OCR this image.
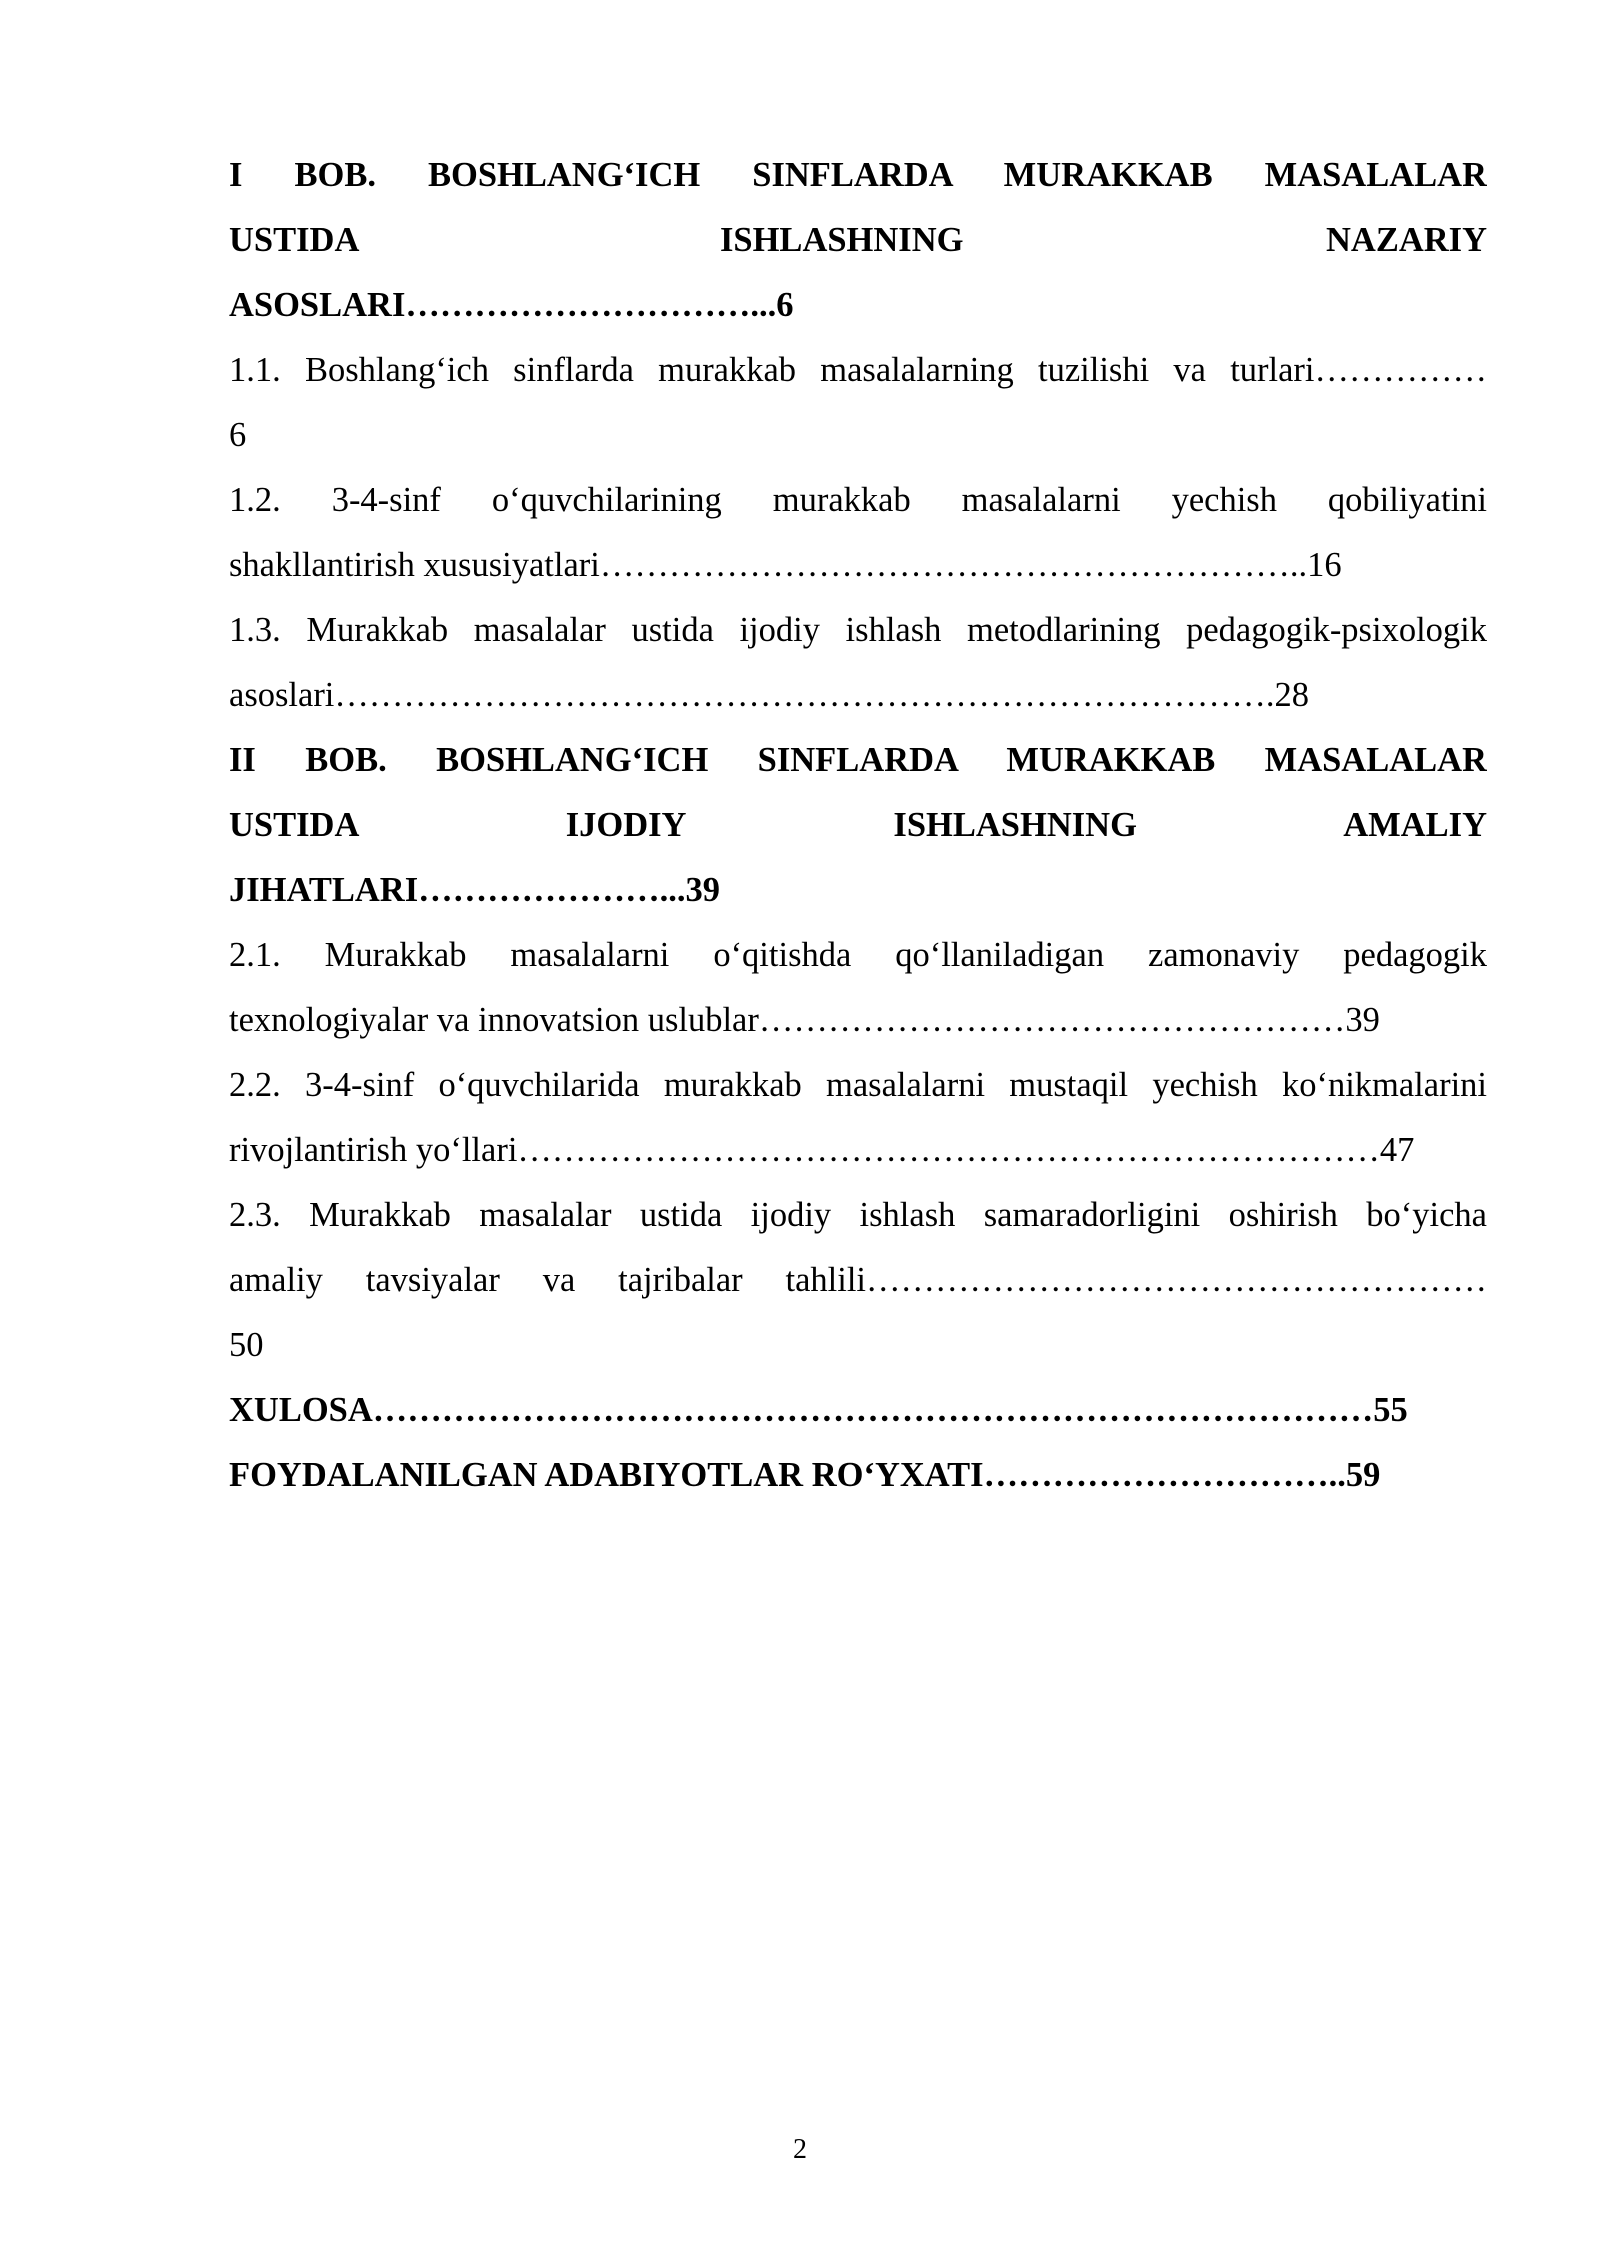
I BOB. BOSHLANG‘ICH SINFLARDA MURAKKAB MASALALAR
USTIDA ISHLASHNING NAZARIY
ASOSLARI…………………………...6
1.1. Boshlang‘ich sinflarda murakkab masalalarning tuzilishi va turlari……………
6
1.2. 3-4-sinf o‘quvchilarining murakkab masalalarni yechish qobiliyatini
shakllantirish xususiyatlari……………………………………………………..16
1.3. Murakkab masalalar ustida ijodiy ishlash metodlarining pedagogik-psixologik
asoslari……………………………………………………………………….28
II BOB. BOSHLANG‘ICH SINFLARDA MURAKKAB MASALALAR
USTIDA IJODIY ISHLASHNING AMALIY
JIHATLARI…………………...39
2.1. Murakkab masalalarni o‘qitishda qo‘llaniladigan zamonaviy pedagogik
texnologiyalar va innovatsion uslublar……………………………………………39
2.2. 3-4-sinf o‘quvchilarida murakkab masalalarni mustaqil yechish ko‘nikmalarini
rivojlantirish yo‘llari…………………………………………………………………47
2.3. Murakkab masalalar ustida ijodiy ishlash samaradorligini oshirish bo‘yicha
amaliy tavsiyalar va tajribalar tahlili………………………………………………
50
XULOSA……………………………………………………………………………55
FOYDALANILGAN ADABIYOTLAR RO‘YXATI…………………………..59
2
